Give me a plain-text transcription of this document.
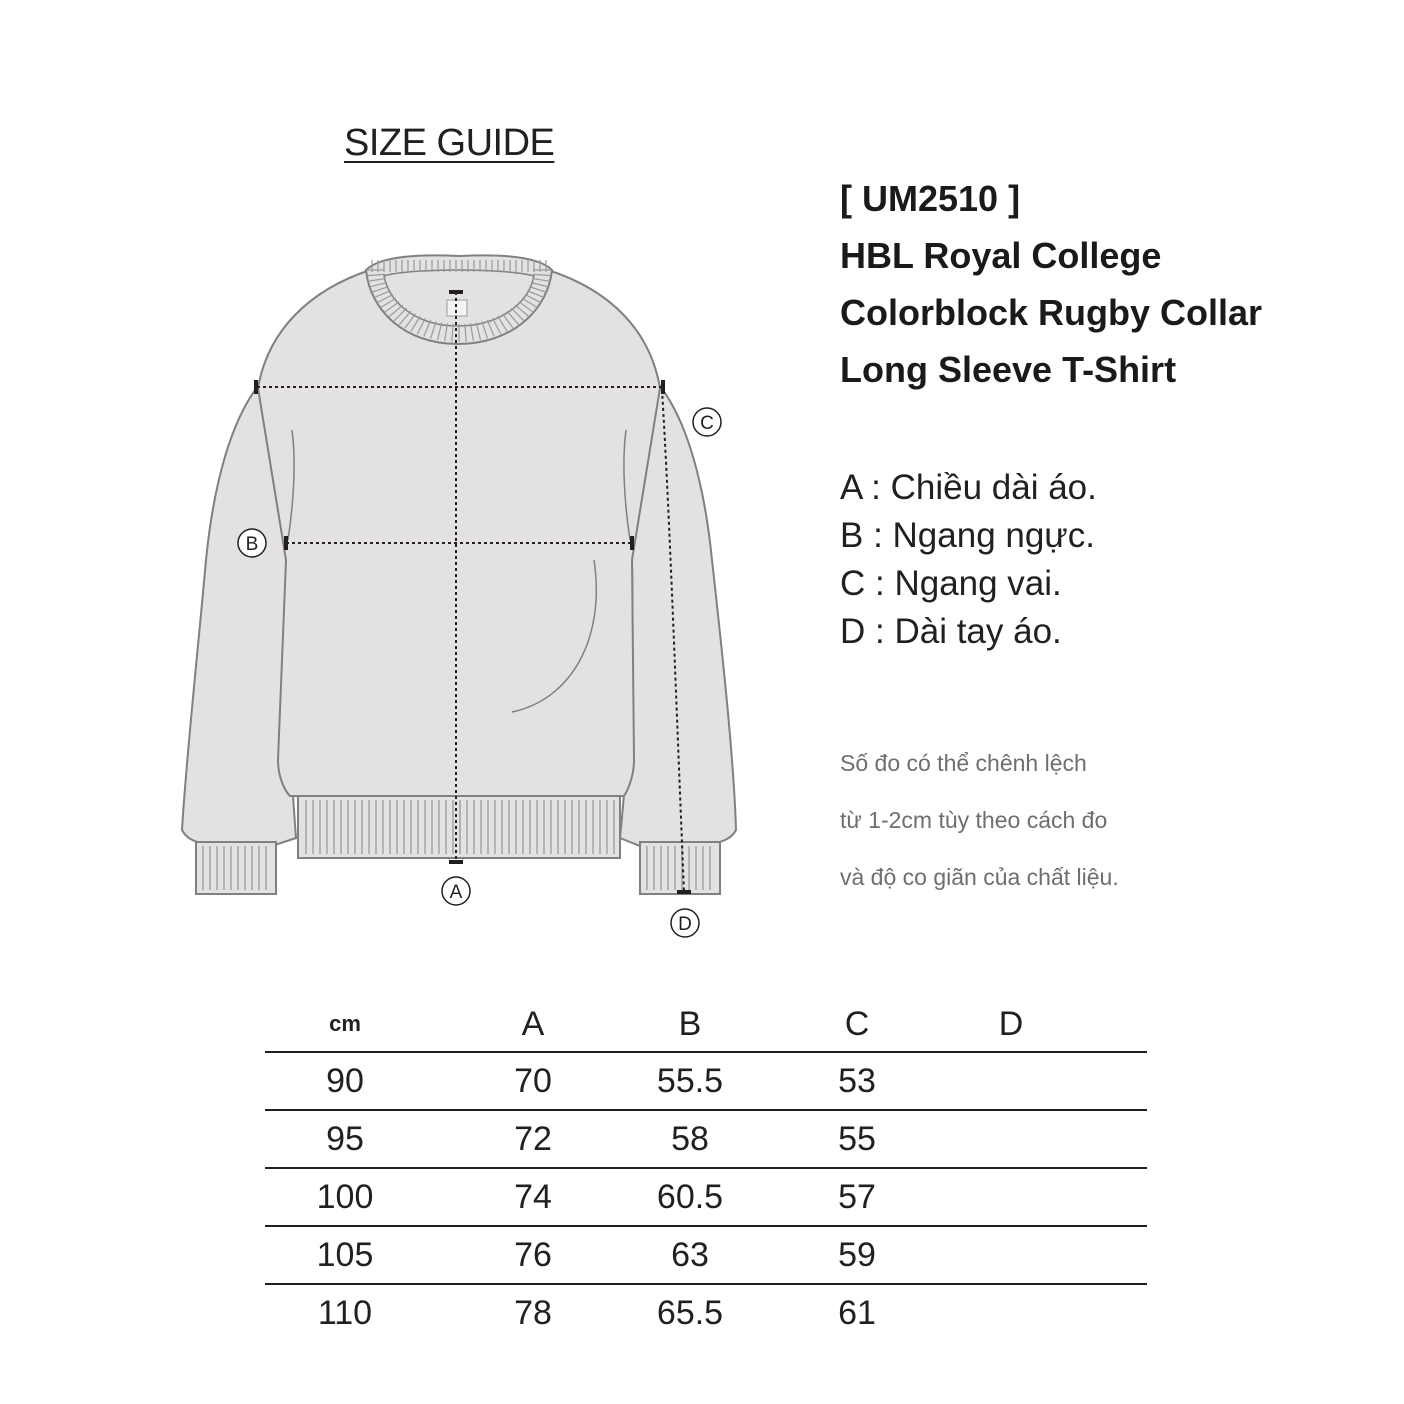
SIZE GUIDE
[ UM2510 ]
HBL Royal College
Colorblock Rugby Collar
Long Sleeve T-Shirt
A : Chiều dài áo.
B : Ngang ngực.
C : Ngang vai.
D : Dài tay áo.
Số đo có thể chênh lệch
từ 1-2cm tùy theo cách đo
và độ co giãn của chất liệu.
A
B
C
D
cm	A	B	C	D
90	70	55.5	53
95	72	58	55
100	74	60.5	57
105	76	63	59
110	78	65.5	61
